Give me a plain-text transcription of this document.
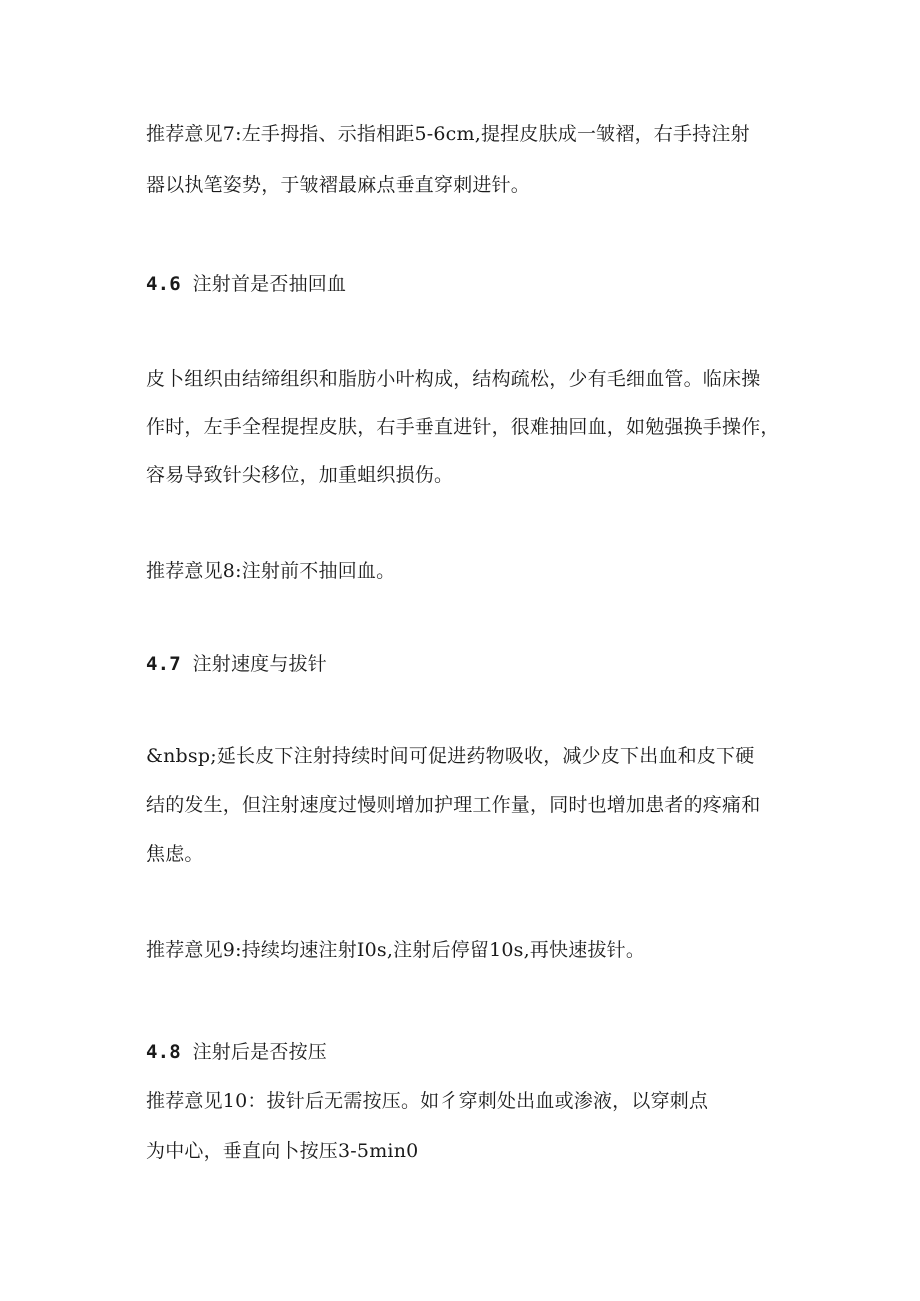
推荐意见7:左手拇指、示指相距5-6cm,提捏皮肤成一皱褶，右手持注射
器以执笔姿势，于皱褶最麻点垂直穿刺进针。
4.6 注射首是否抽回血
皮卜组织由结缔组织和脂肪小叶构成，结构疏松，少有毛细血管。临床操
作时，左手全程提捏皮肤，右手垂直进针，很难抽回血，如勉强换手操作，
容易导致针尖移位，加重蛆织损伤。
推荐意见8:注射前不抽回血。
4.7 注射速度与拔针
&nbsp;延长皮下注射持续时间可促进药物吸收，减少皮下出血和皮下硬
结的发生，但注射速度过慢则增加护理工作量，同时也增加患者的疼痛和
焦虑。
推荐意见9:持续均速注射I0s,注射后停留10s,再快速拔针。
4.8 注射后是否按压
推荐意见10：拔针后无需按压。如彳穿刺处出血或渗液，以穿刺点
为中心，垂直向卜按压3-5min0
